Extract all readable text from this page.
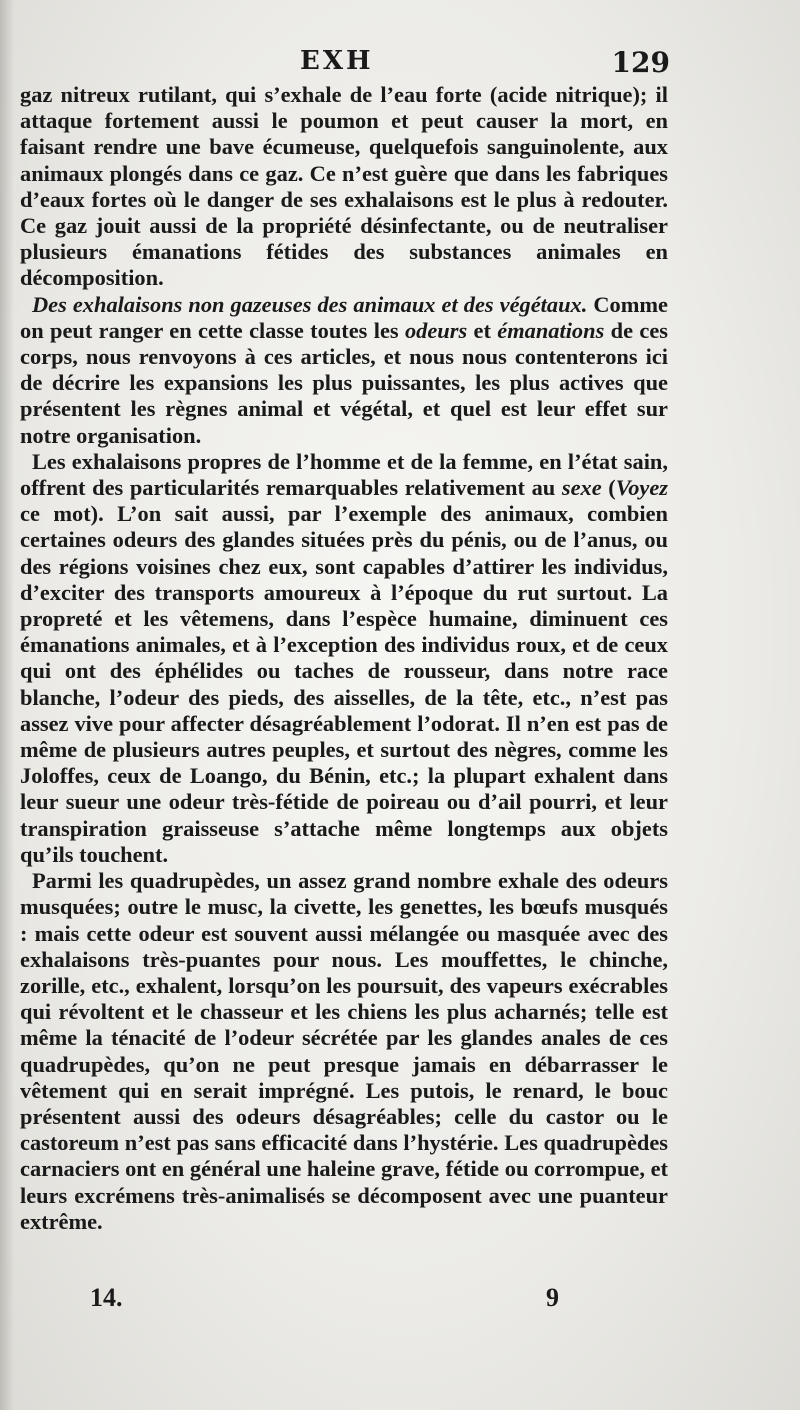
EXH	129

gaz nitreux rutilant, qui s’exhale de l’eau forte (acide nitrique); il attaque fortement aussi le poumon et peut causer la mort, en faisant rendre une bave écumeuse, quelquefois sanguinolente, aux animaux plongés dans ce gaz. Ce n’est guère que dans les fabriques d’eaux fortes où le danger de ses exhalaisons est le plus à redouter. Ce gaz jouit aussi de la propriété désinfectante, ou de neutraliser plusieurs émanations fétides des substances animales en décomposition.

Des exhalaisons non gazeuses des animaux et des végétaux. Comme on peut ranger en cette classe toutes les odeurs et émanations de ces corps, nous renvoyons à ces articles, et nous nous contenterons ici de décrire les expansions les plus puissantes, les plus actives que présentent les règnes animal et végétal, et quel est leur effet sur notre organisation.

Les exhalaisons propres de l’homme et de la femme, en l’état sain, offrent des particularités remarquables relativement au sexe (Voyez ce mot). L’on sait aussi, par l’exemple des animaux, combien certaines odeurs des glandes situées près du pénis, ou de l’anus, ou des régions voisines chez eux, sont capables d’attirer les individus, d’exciter des transports amoureux à l’époque du rut surtout. La propreté et les vêtemens, dans l’espèce humaine, diminuent ces émanations animales, et à l’exception des individus roux, et de ceux qui ont des éphélides ou taches de rousseur, dans notre race blanche, l’odeur des pieds, des aisselles, de la tête, etc., n’est pas assez vive pour affecter désagréablement l’odorat. Il n’en est pas de même de plusieurs autres peuples, et surtout des nègres, comme les Joloffes, ceux de Loango, du Bénin, etc.; la plupart exhalent dans leur sueur une odeur très-fétide de poireau ou d’ail pourri, et leur transpiration graisseuse s’attache même longtemps aux objets qu’ils touchent.

Parmi les quadrupèdes, un assez grand nombre exhale des odeurs musquées; outre le musc, la civette, les genettes, les bœufs musqués : mais cette odeur est souvent aussi mélangée ou masquée avec des exhalaisons très-puantes pour nous. Les mouffettes, le chinche, zorille, etc., exhalent, lorsqu’on les poursuit, des vapeurs exécrables qui révoltent et le chasseur et les chiens les plus acharnés; telle est même la ténacité de l’odeur sécrétée par les glandes anales de ces quadrupèdes, qu’on ne peut presque jamais en débarrasser le vêtement qui en serait imprégné. Les putois, le renard, le bouc présentent aussi des odeurs désagréables; celle du castor ou le castoreum n’est pas sans efficacité dans l’hystérie. Les quadrupèdes carnaciers ont en général une haleine grave, fétide ou corrompue, et leurs excrémens très-animalisés se décomposent avec une puanteur extrême.

14.	9
